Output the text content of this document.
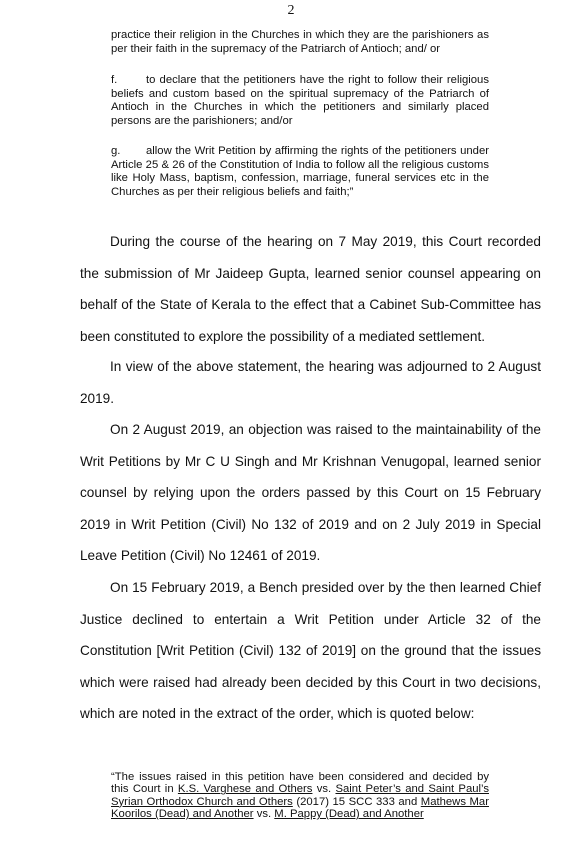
2
practice their religion in the Churches in which they are the parishioners as per their faith in the supremacy of the Patriarch of Antioch; and/ or
f.	to declare that the petitioners have the right to follow their religious beliefs and custom based on the spiritual supremacy of the Patriarch of Antioch in the Churches in which the petitioners and similarly placed persons are the parishioners; and/or
g. allow the Writ Petition by affirming the rights of the petitioners under Article 25 & 26 of the Constitution of India to follow all the religious customs like Holy Mass, baptism, confession, marriage, funeral services etc in the Churches as per their religious beliefs and faith;”
During the course of the hearing on 7 May 2019, this Court recorded the submission of Mr Jaideep Gupta, learned senior counsel appearing on behalf of the State of Kerala to the effect that a Cabinet Sub-Committee has been constituted to explore the possibility of a mediated settlement.
In view of the above statement, the hearing was adjourned to 2 August 2019.
On 2 August 2019, an objection was raised to the maintainability of the Writ Petitions by Mr C U Singh and Mr Krishnan Venugopal, learned senior counsel by relying upon the orders passed by this Court on 15 February 2019 in Writ Petition (Civil) No 132 of 2019 and on 2 July 2019 in Special Leave Petition (Civil) No 12461 of 2019.
On 15 February 2019, a Bench presided over by the then learned Chief Justice declined to entertain a Writ Petition under Article 32 of the Constitution [Writ Petition (Civil) 132 of 2019] on the ground that the issues which were raised had already been decided by this Court in two decisions, which are noted in the extract of the order, which is quoted below:
“The issues raised in this petition have been considered and decided by this Court in K.S. Varghese and Others vs. Saint Peter’s and Saint Paul’s Syrian Orthodox Church and Others (2017) 15 SCC 333 and Mathews Mar Koorilos (Dead) and Another vs. M. Pappy (Dead) and Another
